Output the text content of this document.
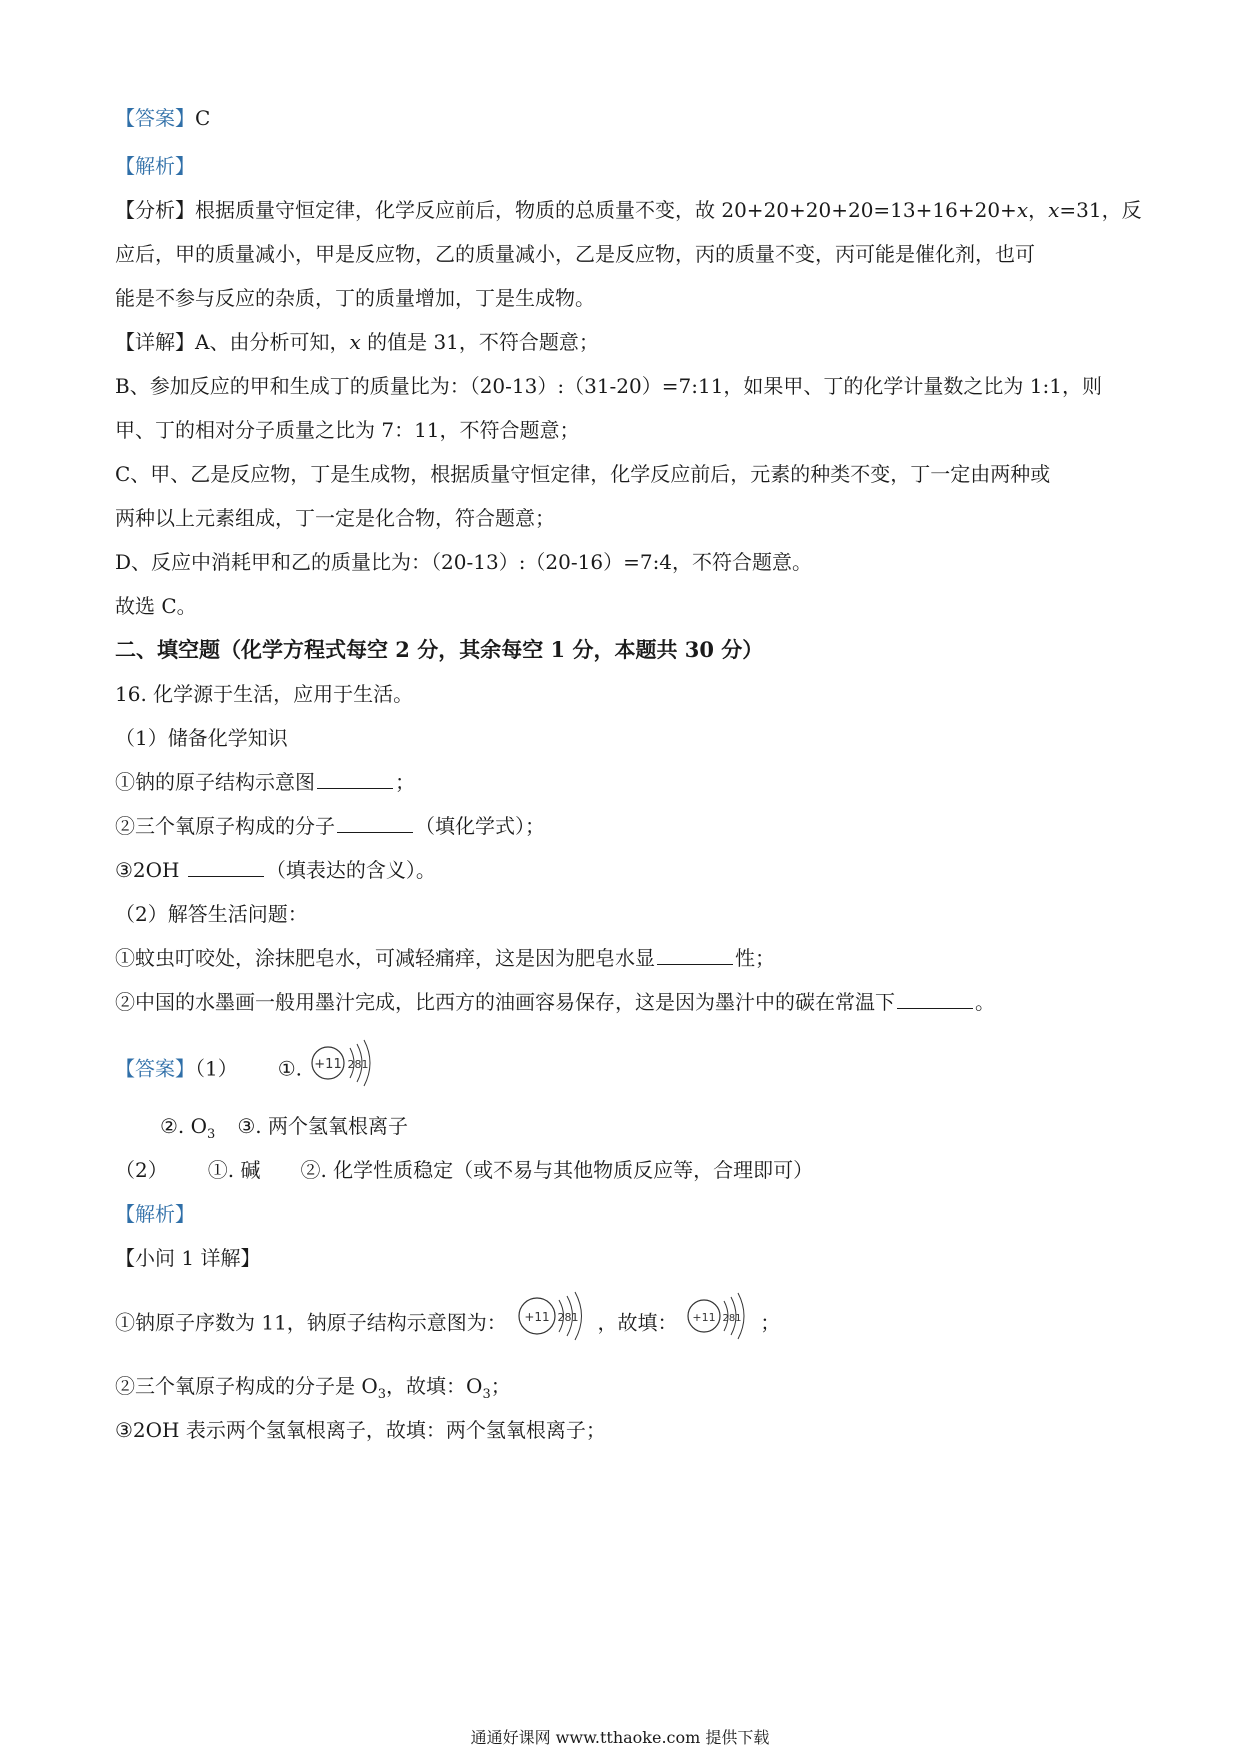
【答案】C
【解析】
【分析】根据质量守恒定律，化学反应前后，物质的总质量不变，故 20+20+20+20=13+16+20+x，x=31，反
应后，甲的质量减小，甲是反应物，乙的质量减小，乙是反应物，丙的质量不变，丙可能是催化剂，也可
能是不参与反应的杂质，丁的质量增加，丁是生成物。
【详解】A、由分析可知，x 的值是 31，不符合题意；
B、参加反应的甲和生成丁的质量比为：（20-13）:（31-20）=7:11，如果甲、丁的化学计量数之比为 1:1，则
甲、丁的相对分子质量之比为 7：11，不符合题意；
C、甲、乙是反应物，丁是生成物，根据质量守恒定律，化学反应前后，元素的种类不变，丁一定由两种或
两种以上元素组成，丁一定是化合物，符合题意；
D、反应中消耗甲和乙的质量比为：（20-13）:（20-16）=7:4，不符合题意。
故选 C。
二、填空题（化学方程式每空 2 分，其余每空 1 分，本题共 30 分）
16. 化学源于生活，应用于生活。
（1）储备化学知识
①钠的原子结构示意图	；
②三个氧原子构成的分子	（填化学式）；
③2OH	（填表达的含义）。
（2）解答生活问题：
①蚊虫叮咬处，涂抹肥皂水，可减轻痛痒，这是因为肥皂水显	性；
②中国的水墨画一般用墨汁完成，比西方的油画容易保存，这是因为墨汁中的碳在常温下	。
【答案】（1） ①. +11 281
②. $O_3$ ③. 两个氢氧根离子
（2） ①. 碱 ②. 化学性质稳定（或不易与其他物质反应等，合理即可）
【解析】
【小问 1 详解】
①钠原子序数为 11，钠原子结构示意图为： +11 281 ，故填： +11 281 ；
②三个氧原子构成的分子是 $O_3$，故填：$O_3$；
③2OH 表示两个氢氧根离子，故填：两个氢氧根离子；
通通好课网 www.tthaoke.com 提供下载
